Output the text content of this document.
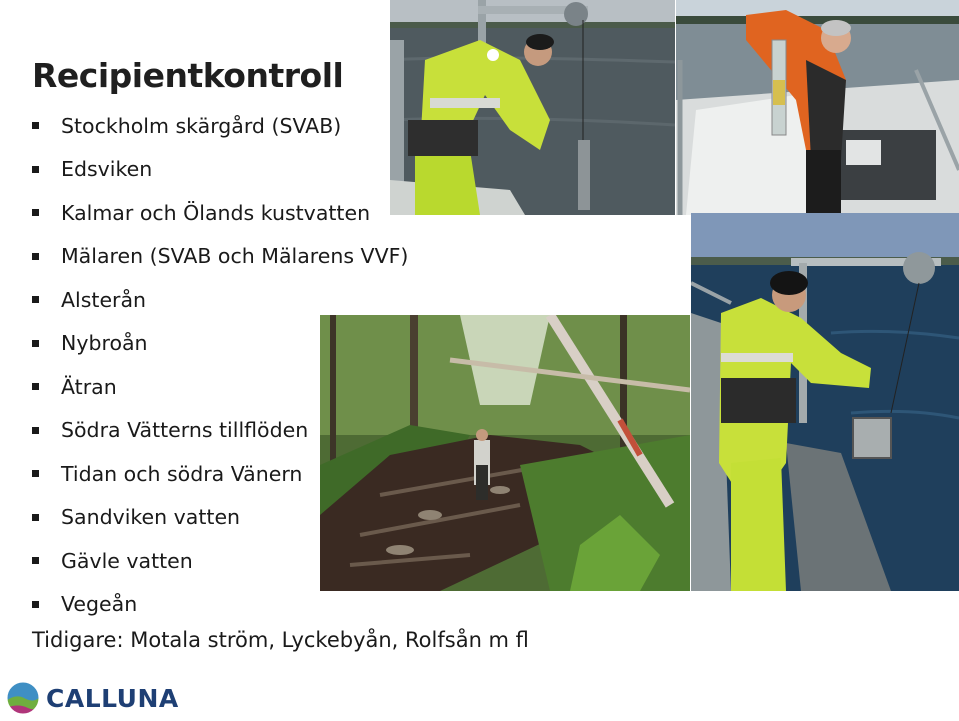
Recipientkontroll
Stockholm skärgård (SVAB)
Edsviken
Kalmar och Ölands kustvatten
Mälaren (SVAB och Mälarens VVF)
Alsterån
Nybroån
Ätran
Södra Vätterns tillflöden
Tidan och södra Vänern
Sandviken vatten
Gävle vatten
Vegeån
Tidigare: Motala ström, Lyckebyån, Rolfsån m fl
CALLUNA
